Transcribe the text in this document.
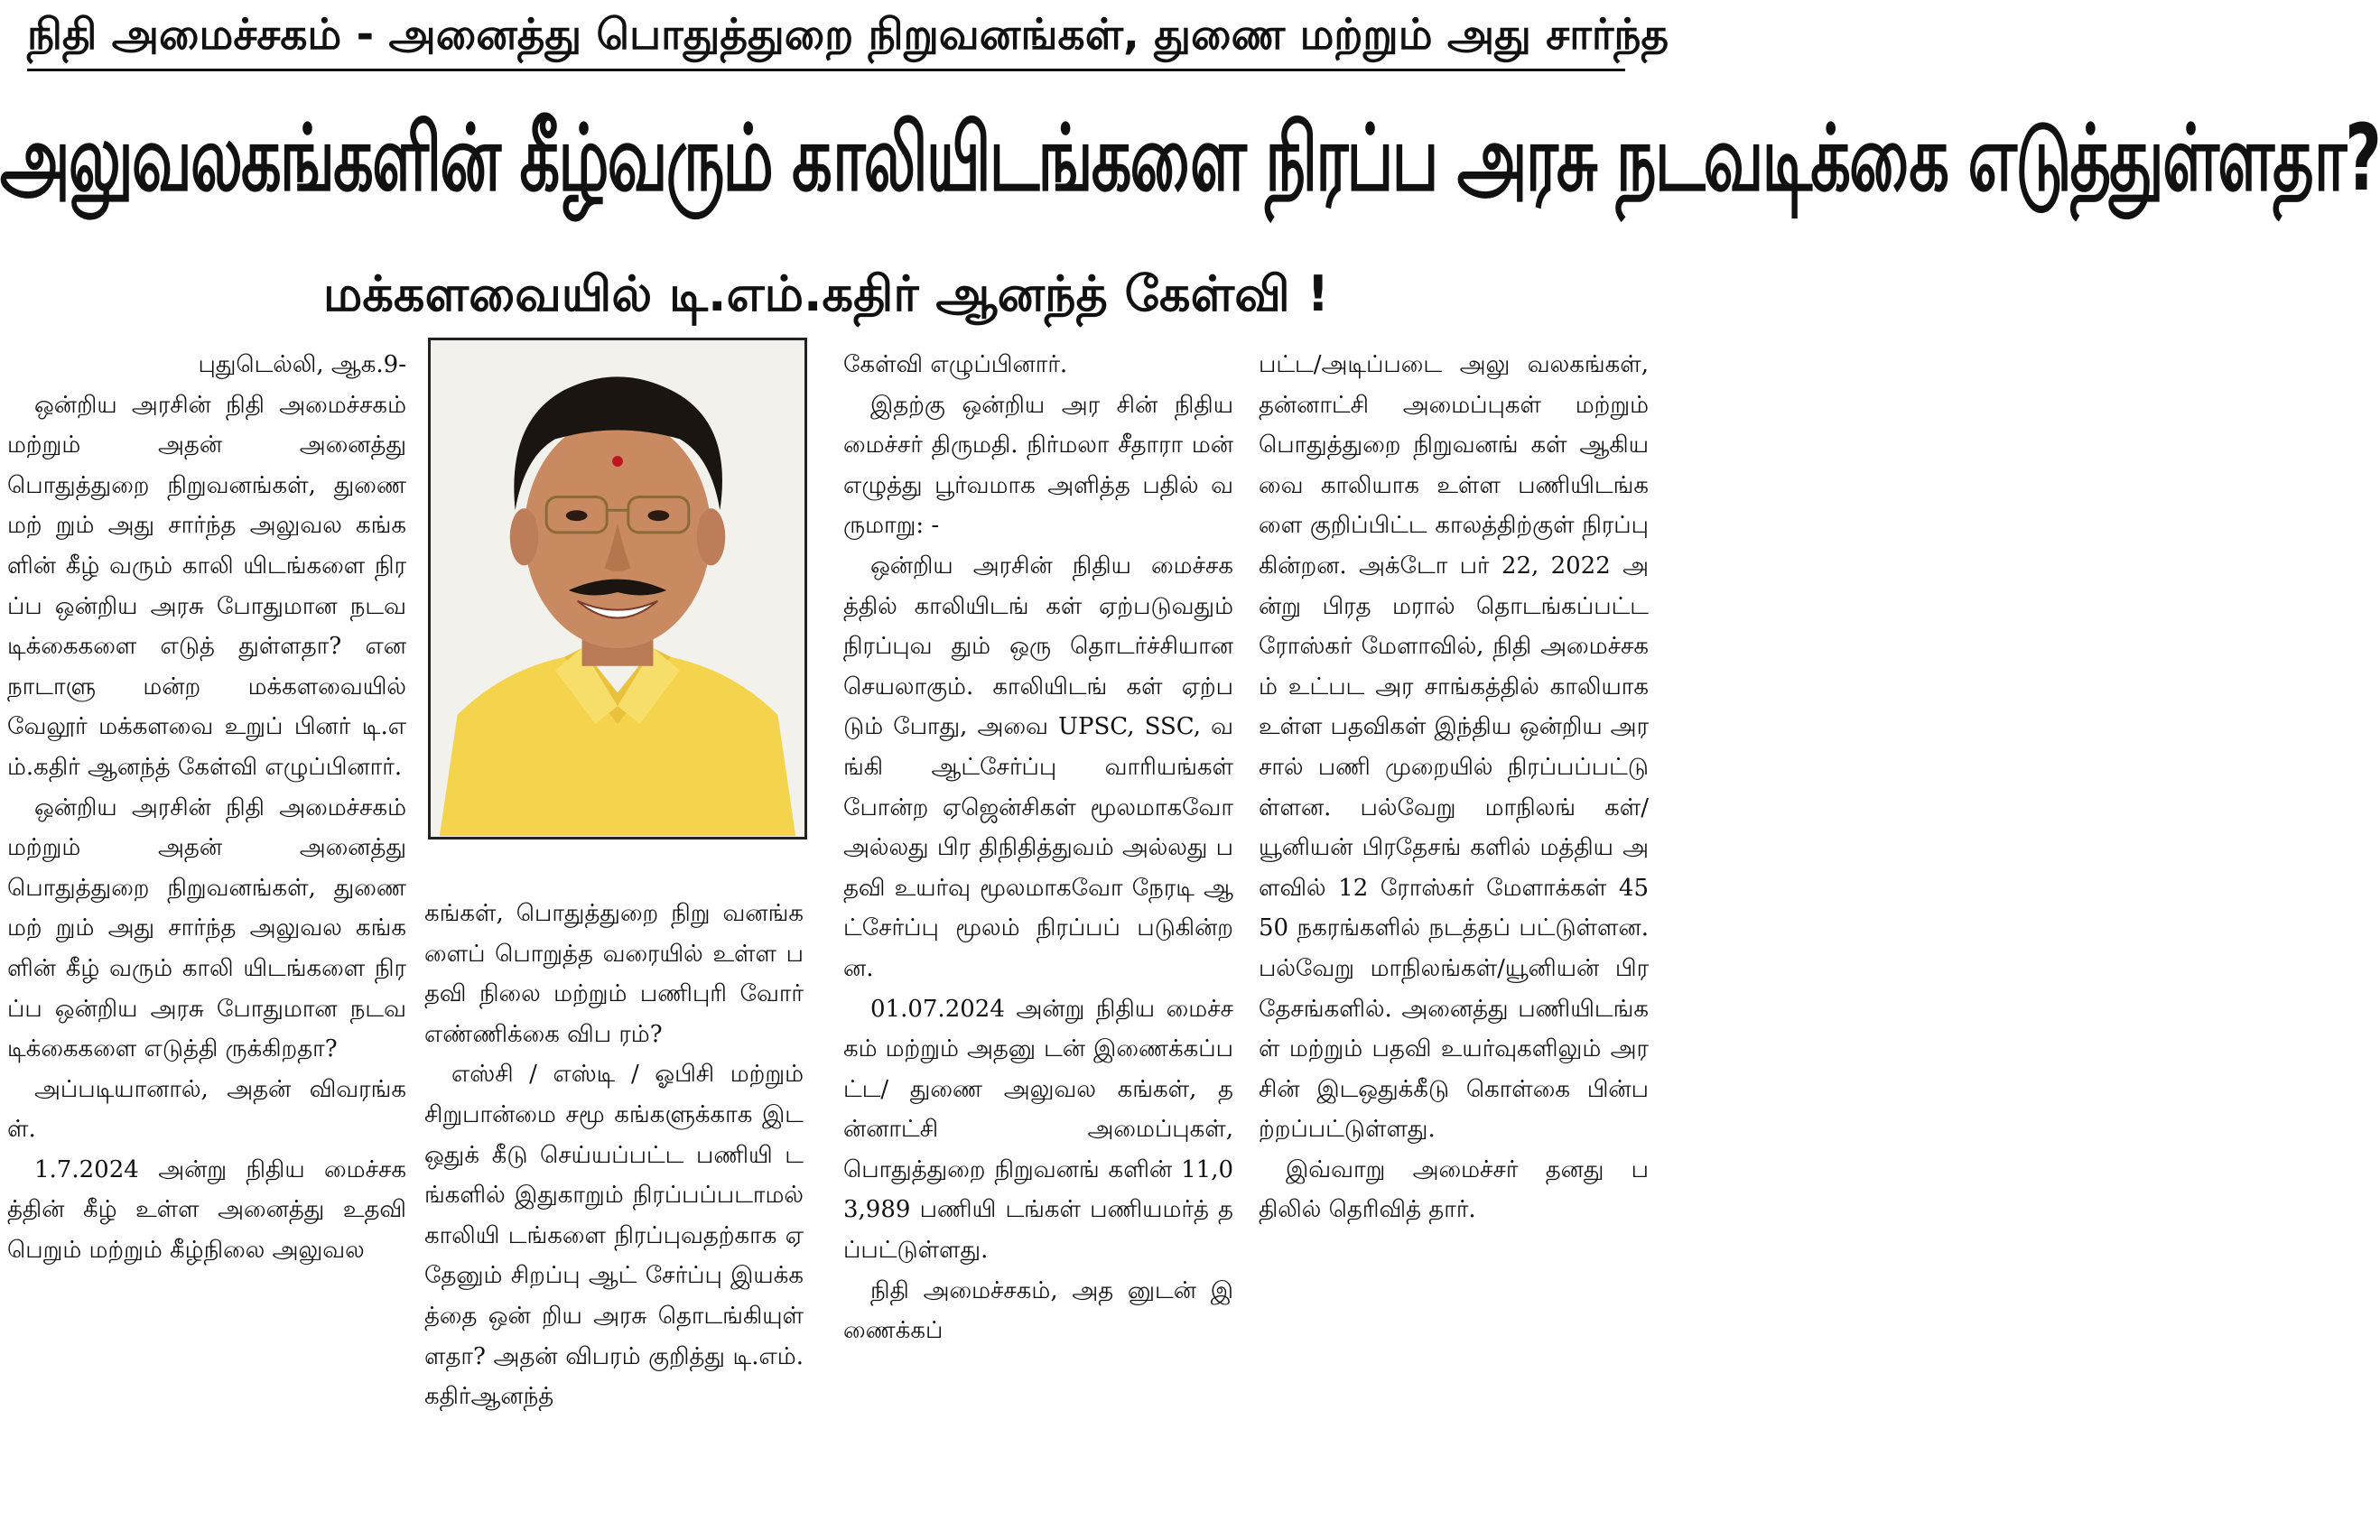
நிதி அமைச்சகம் - அனைத்து பொதுத்துறை நிறுவனங்கள், துணை மற்றும் அது சார்ந்த
அலுவலகங்களின் கீழ்வரும் காலியிடங்களை நிரப்ப அரசு நடவடிக்கை எடுத்துள்ளதா?
மக்களவையில் டி.எம்.கதிர் ஆனந்த் கேள்வி !
புதுடெல்லி, ஆக.9-

ஒன்றிய அரசின் நிதி அமைச்சகம் மற்றும் அதன் அனைத்து பொதுத்துறை நிறுவனங்கள், துணை மற் றும் அது சார்ந்த அலுவல கங்களின் கீழ் வரும் காலி யிடங்களை நிரப்ப ஒன்றிய அரசு போதுமான நடவடிக்கைகளை எடுத் துள்ளதா? என நாடாளு மன்ற மக்களவையில் வேலூர் மக்களவை உறுப் பினர் டி.எம்.கதிர் ஆனந்த் கேள்வி எழுப்பினார்.

ஒன்றிய அரசின் நிதி அமைச்சகம் மற்றும் அதன் அனைத்து பொதுத்துறை நிறுவனங்கள், துணை மற் றும் அது சார்ந்த அலுவல கங்களின் கீழ் வரும் காலி யிடங்களை நிரப்ப ஒன்றிய அரசு போதுமான நடவடிக்கைகளை எடுத்தி ருக்கிறதா?

அப்படியானால், அதன் விவரங்கள்.

1.7.2024 அன்று நிதிய மைச்சகத்தின் கீழ் உள்ள அனைத்து உதவி பெறும் மற்றும் கீழ்நிலை அலுவல

கங்கள், பொதுத்துறை நிறு வனங்களைப் பொறுத்த வரையில் உள்ள பதவி நிலை மற்றும் பணிபுரி வோர் எண்ணிக்கை விப ரம்?

எஸ்சி / எஸ்டி / ஓபிசி மற்றும் சிறுபான்மை சமூ கங்களுக்காக இட ஒதுக் கீடு செய்யப்பட்ட பணியி டங்களில் இதுகாறும் நிரப்பப்படாமல் காலியி டங்களை நிரப்புவதற்காக ஏதேனும் சிறப்பு ஆட் சேர்ப்பு இயக்கத்தை ஒன் றிய அரசு தொடங்கியுள் ளதா? அதன் விபரம் குறித்து டி.எம்.கதிர்ஆனந்த்

கேள்வி எழுப்பினார்.

இதற்கு ஒன்றிய அர சின் நிதியமைச்சர் திருமதி. நிர்மலா சீதாரா மன் எழுத்து பூர்வமாக அளித்த பதில் வருமாறு: -

ஒன்றிய அரசின் நிதிய மைச்சகத்தில் காலியிடங் கள் ஏற்படுவதும் நிரப்புவ தும் ஒரு தொடர்ச்சியான செயலாகும். காலியிடங் கள் ஏற்படும் போது, அவை UPSC, SSC, வங்கி ஆட்சேர்ப்பு வாரியங்கள் போன்ற ஏஜென்சிகள் மூலமாகவோ அல்லது பிர திநிதித்துவம் அல்லது பதவி உயர்வு மூலமாகவோ நேரடி ஆட்சேர்ப்பு மூலம் நிரப்பப் படுகின்றன.

01.07.2024 அன்று நிதிய மைச்சகம் மற்றும் அதனு டன் இணைக்கப்பட்ட/ துணை அலுவல கங்கள், தன்னாட்சி அமைப்புகள், பொதுத்துறை நிறுவனங் களின் 11,03,989 பணியி டங்கள் பணியமர்த் தப்பட்டுள்ளது.

நிதி அமைச்சகம், அத னுடன் இணைக்கப்

பட்ட/அடிப்படை அலு வலகங்கள், தன்னாட்சி அமைப்புகள் மற்றும் பொதுத்துறை நிறுவனங் கள் ஆகியவை காலியாக உள்ள பணியிடங்களை குறிப்பிட்ட காலத்திற்குள் நிரப்பு கின்றன. அக்டோ பர் 22, 2022 அன்று பிரத மரால் தொடங்கப்பட்ட ரோஸ்கர் மேளாவில், நிதி அமைச்சகம் உட்பட அர சாங்கத்தில் காலியாக உள்ள பதவிகள் இந்திய ஒன்றிய அரசால் பணி முறையில் நிரப்பப்பட்டு ள்ளன. பல்வேறு மாநிலங் கள்/யூனியன் பிரதேசங் களில் மத்திய அளவில் 12 ரோஸ்கர் மேளாக்கள் 45 50 நகரங்களில் நடத்தப் பட்டுள்ளன. பல்வேறு மாநிலங்கள்/யூனியன் பிர தேசங்களில். அனைத்து பணியிடங்கள் மற்றும் பதவி உயர்வுகளிலும் அரசின் இடஒதுக்கீடு கொள்கை பின்பற்றப்பட்டுள்ளது.

இவ்வாறு அமைச்சர் தனது பதிலில் தெரிவித் தார்.
